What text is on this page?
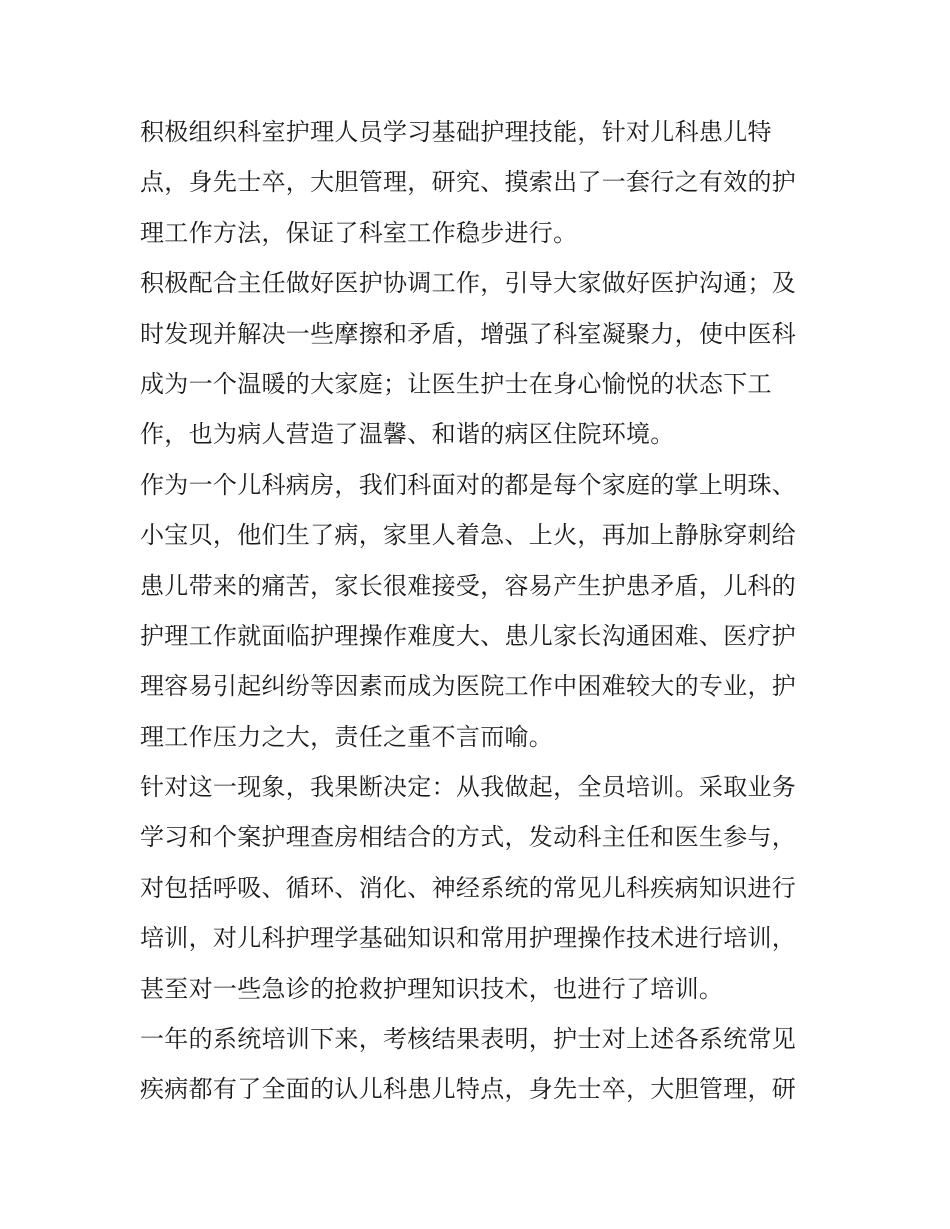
积极组织科室护理人员学习基础护理技能，针对儿科患儿特
点，身先士卒，大胆管理，研究、摸索出了一套行之有效的护
理工作方法，保证了科室工作稳步进行。

积极配合主任做好医护协调工作，引导大家做好医护沟通；及
时发现并解决一些摩擦和矛盾，增强了科室凝聚力，使中医科
成为一个温暖的大家庭；让医生护士在身心愉悦的状态下工
作，也为病人营造了温馨、和谐的病区住院环境。

作为一个儿科病房，我们科面对的都是每个家庭的掌上明珠、
小宝贝，他们生了病，家里人着急、上火，再加上静脉穿刺给
患儿带来的痛苦，家长很难接受，容易产生护患矛盾，儿科的
护理工作就面临护理操作难度大、患儿家长沟通困难、医疗护
理容易引起纠纷等因素而成为医院工作中困难较大的专业，护
理工作压力之大，责任之重不言而喻。

针对这一现象，我果断决定：从我做起，全员培训。采取业务
学习和个案护理查房相结合的方式，发动科主任和医生参与，
对包括呼吸、循环、消化、神经系统的常见儿科疾病知识进行
培训，对儿科护理学基础知识和常用护理操作技术进行培训，
甚至对一些急诊的抢救护理知识技术，也进行了培训。

一年的系统培训下来，考核结果表明，护士对上述各系统常见
疾病都有了全面的认儿科患儿特点，身先士卒，大胆管理，研
